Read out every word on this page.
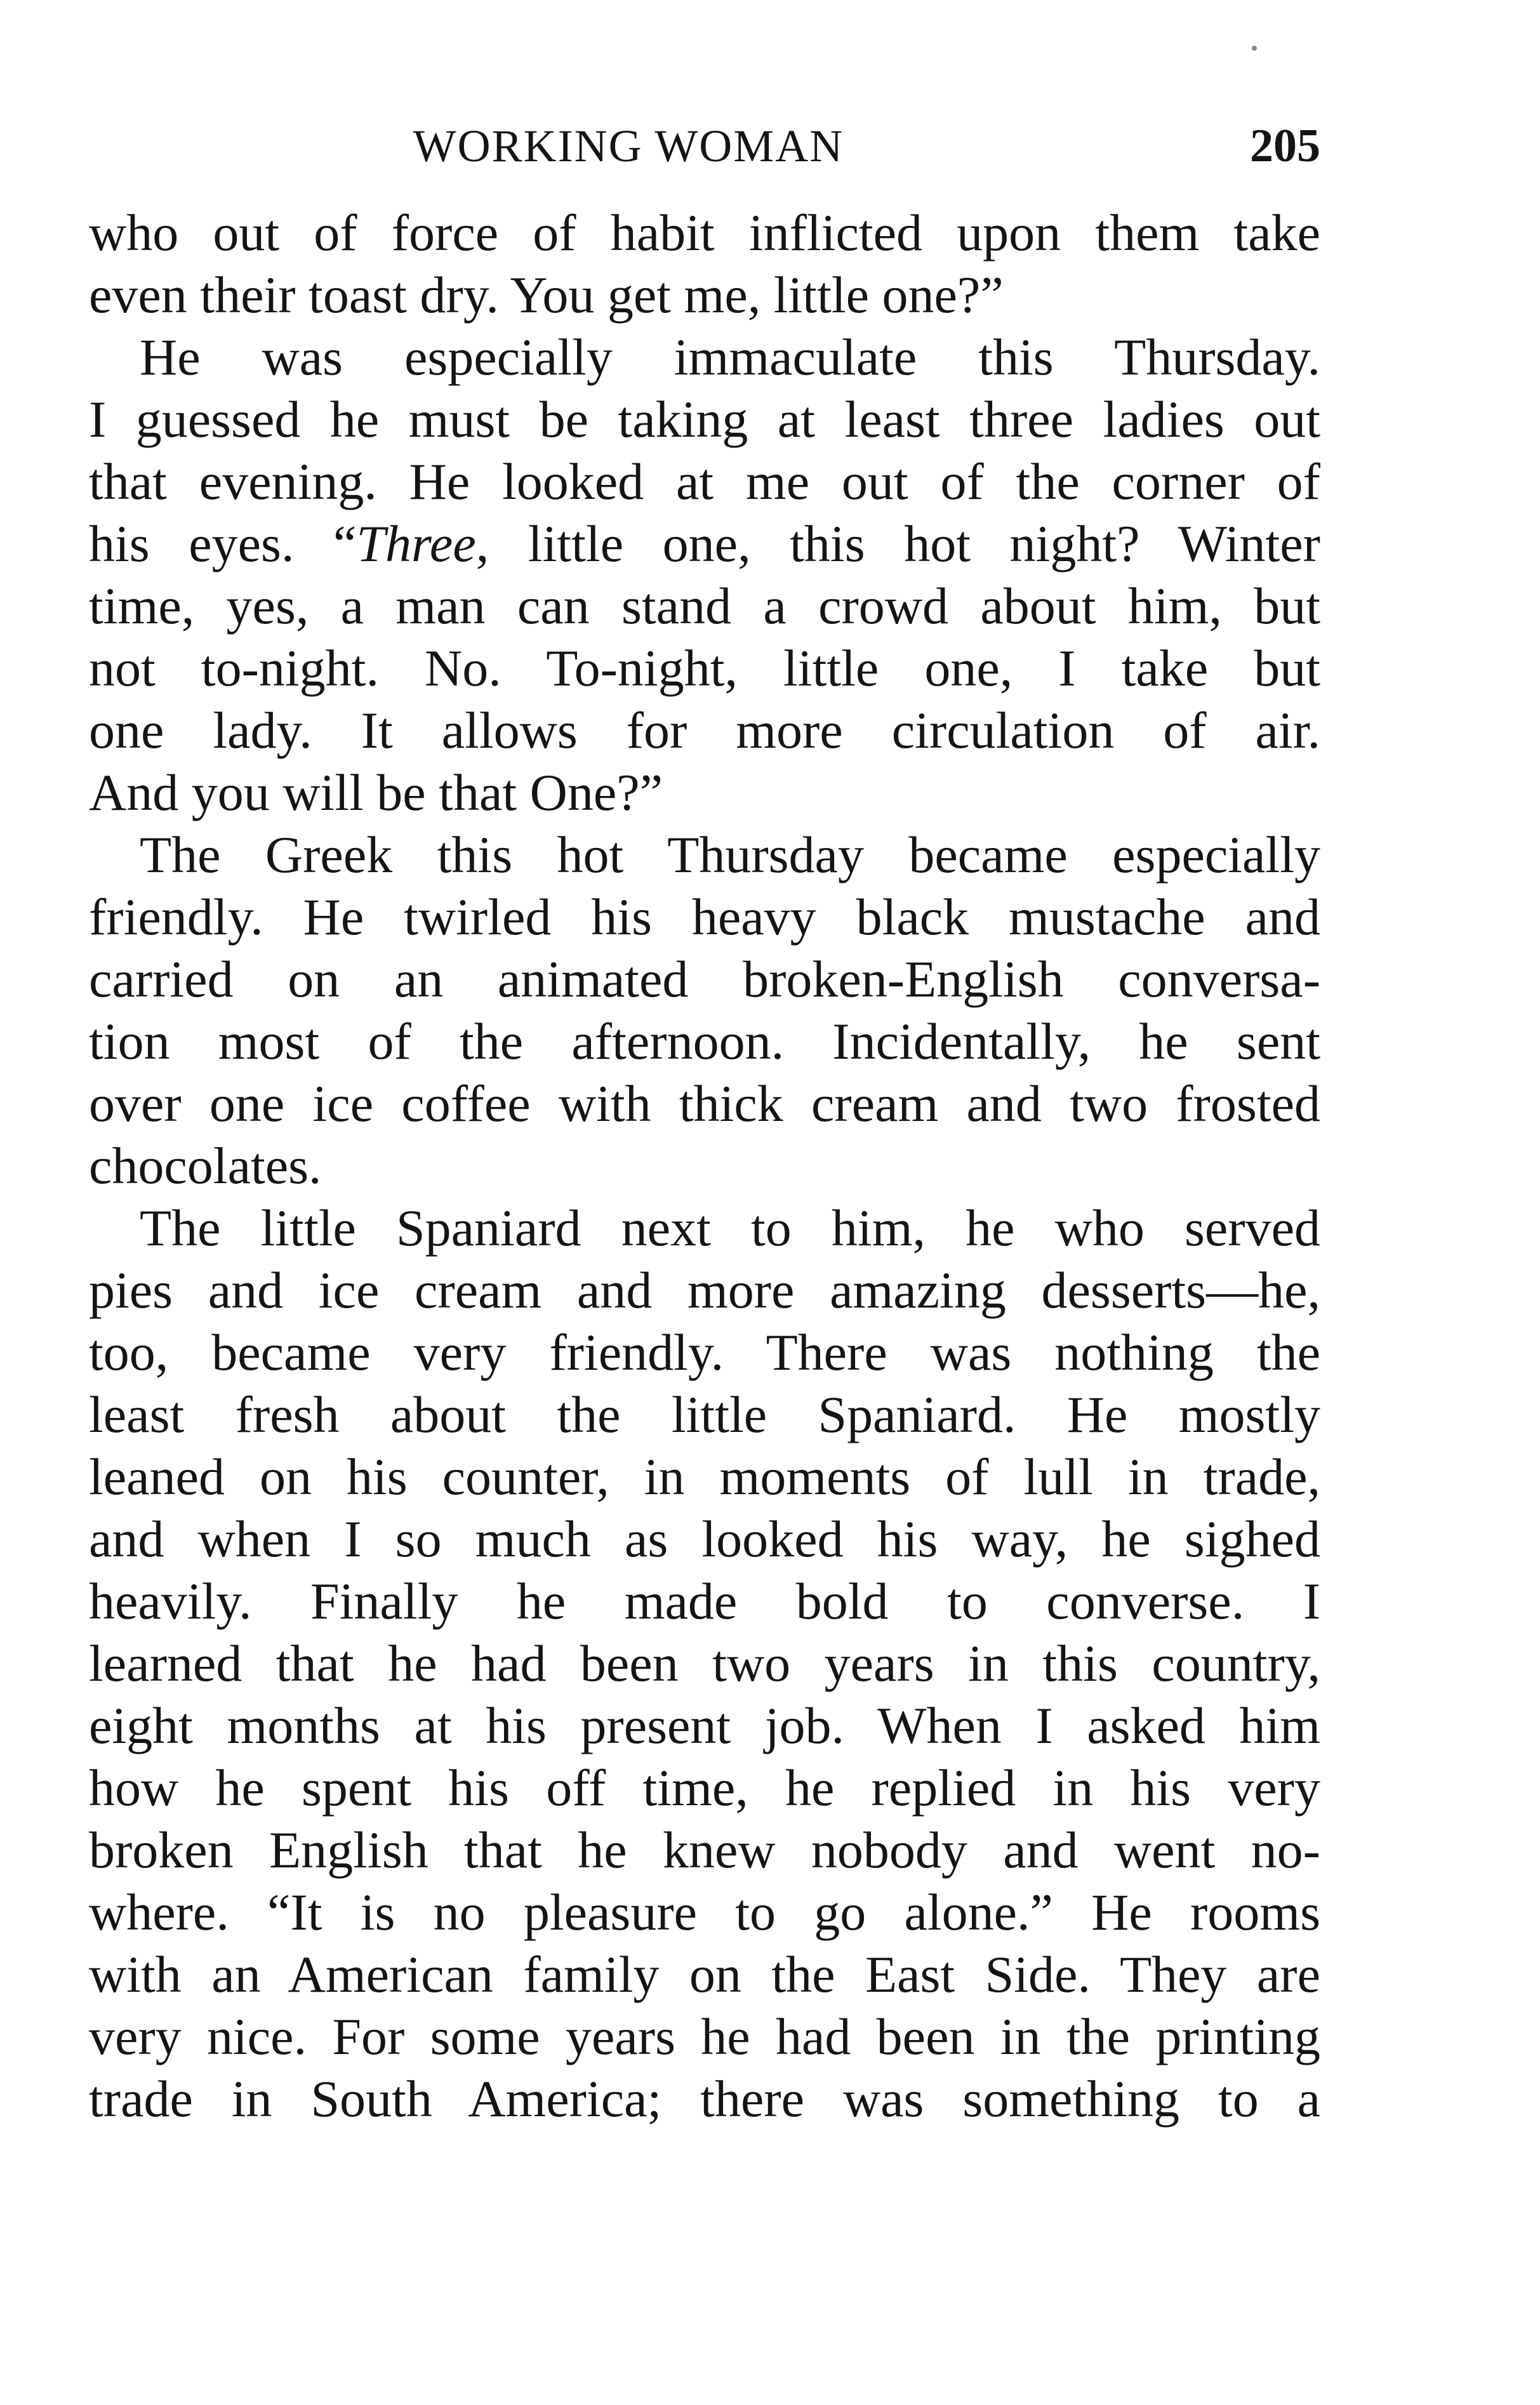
WORKING WOMAN	205
who out of force of habit inflicted upon them take
even their toast dry. You get me, little one?”
He was especially immaculate this Thursday.
I guessed he must be taking at least three ladies out
that evening. He looked at me out of the corner of
his eyes. “Three, little one, this hot night? Winter
time, yes, a man can stand a crowd about him, but
not to-night. No. To-night, little one, I take but
one lady. It allows for more circulation of air.
And you will be that One?”
The Greek this hot Thursday became especially
friendly. He twirled his heavy black mustache and
carried on an animated broken-English conversa-
tion most of the afternoon. Incidentally, he sent
over one ice coffee with thick cream and two frosted
chocolates.
The little Spaniard next to him, he who served
pies and ice cream and more amazing desserts—he,
too, became very friendly. There was nothing the
least fresh about the little Spaniard. He mostly
leaned on his counter, in moments of lull in trade,
and when I so much as looked his way, he sighed
heavily. Finally he made bold to converse. I
learned that he had been two years in this country,
eight months at his present job. When I asked him
how he spent his off time, he replied in his very
broken English that he knew nobody and went no-
where. “It is no pleasure to go alone.” He rooms
with an American family on the East Side. They are
very nice. For some years he had been in the printing
trade in South America; there was something to a
